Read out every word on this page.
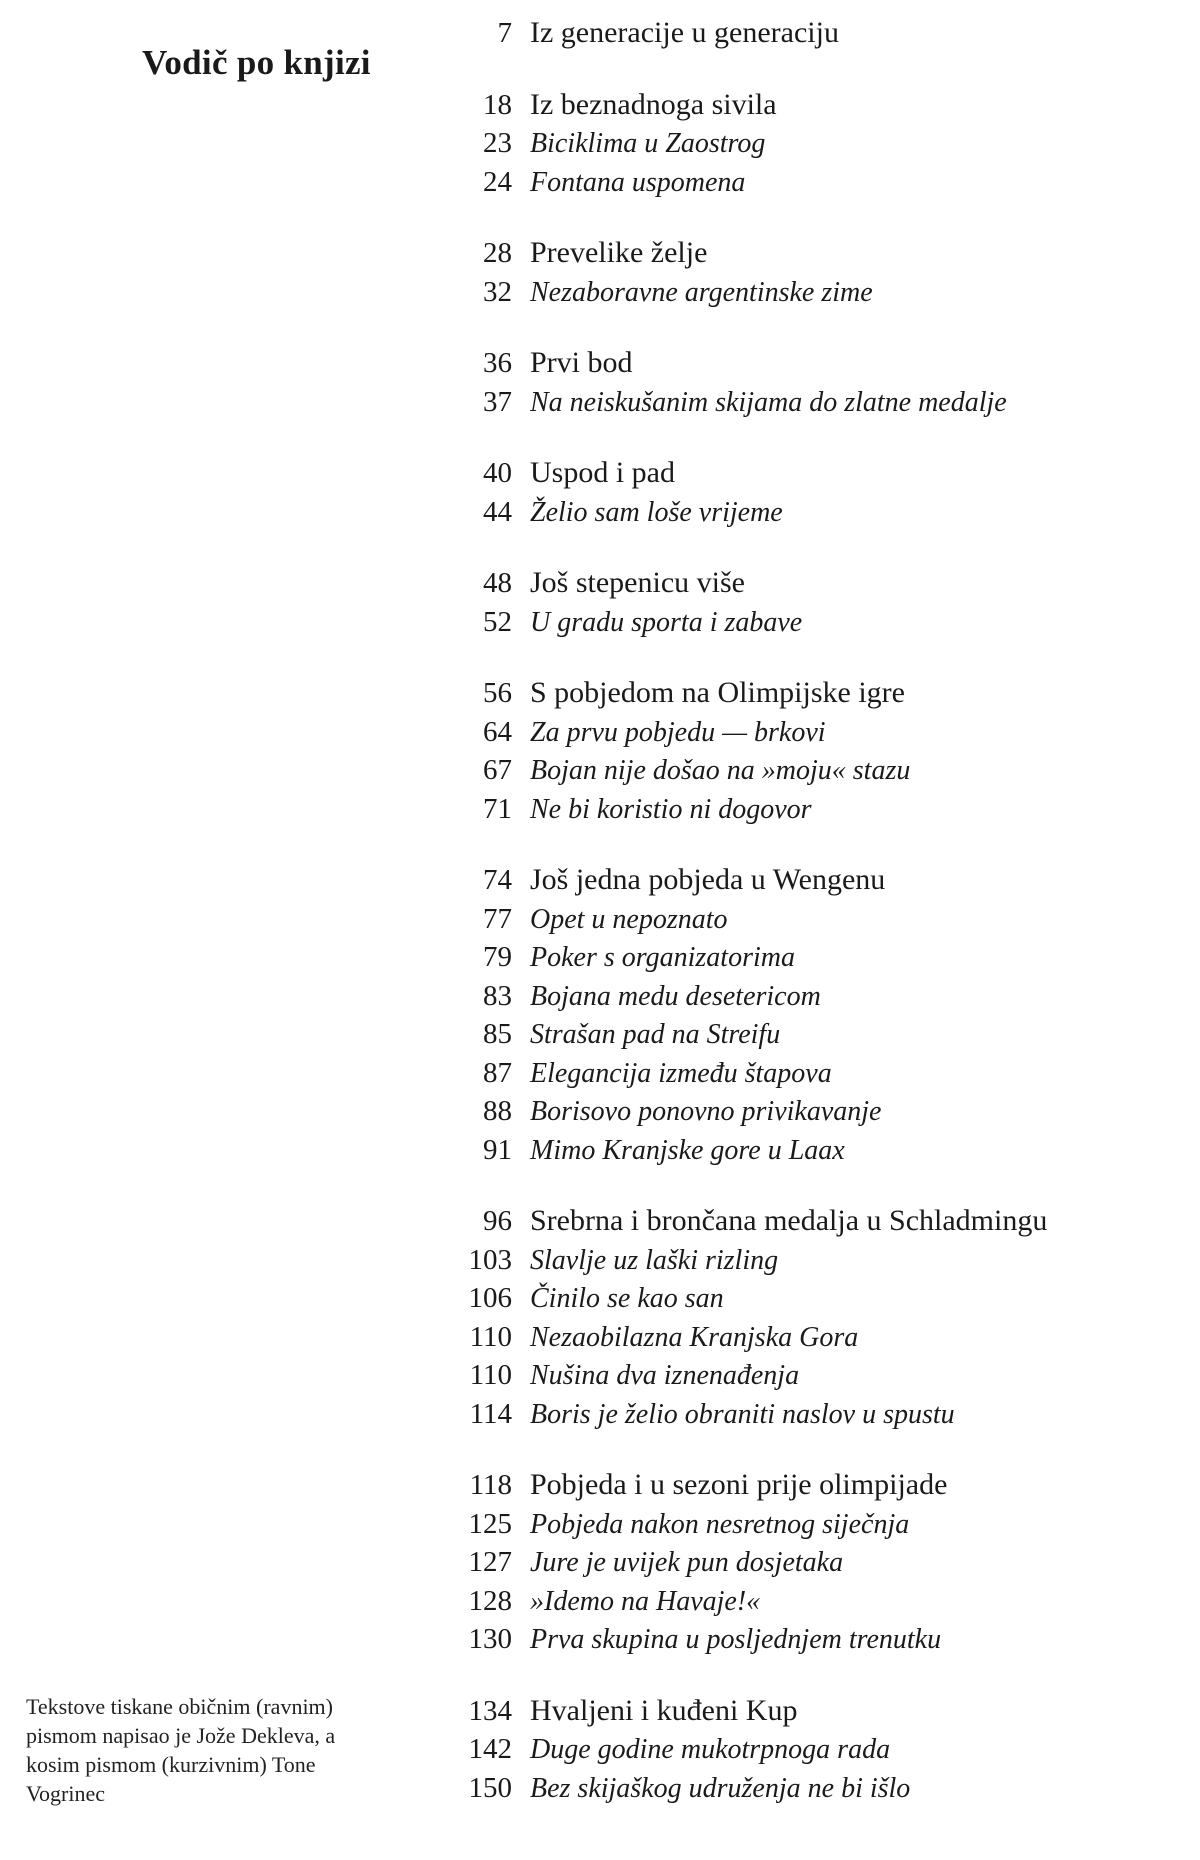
Vodič po knjizi
7 Iz generacije u generaciju
18 Iz beznadnoga sivila
23 Biciklima u Zaostrog
24 Fontana uspomena
28 Prevelike želje
32 Nezaboravne argentinske zime
36 Prvi bod
37 Na neiskušanim skijama do zlatne medalje
40 Uspod i pad
44 Želio sam loše vrijeme
48 Još stepenicu više
52 U gradu sporta i zabave
56 S pobjedom na Olimpijske igre
64 Za prvu pobjedu — brkovi
67 Bojan nije došao na »moju« stazu
71 Ne bi koristio ni dogovor
74 Još jedna pobjeda u Wengenu
77 Opet u nepoznato
79 Poker s organizatorima
83 Bojana medu desetericom
85 Strašan pad na Streifu
87 Elegancija između štapova
88 Borisovo ponovno privikavanje
91 Mimo Kranjske gore u Laax
96 Srebrna i brončana medalja u Schladmingu
103 Slavlje uz laški rizling
106 Činilo se kao san
110 Nezaobilazna Kranjska Gora
110 Nušina dva iznenađenja
114 Boris je želio obraniti naslov u spustu
118 Pobjeda i u sezoni prije olimpijade
125 Pobjeda nakon nesretnog siječnja
127 Jure je uvijek pun dosjetaka
128 »Idemo na Havaje!«
130 Prva skupina u posljednjem trenutku
134 Hvaljeni i kuđeni Kup
142 Duge godine mukotrpnoga rada
150 Bez skijaškog udruženja ne bi išlo
Tekstove tiskane običnim (ravnim)
pismom napisao je Jože Dekleva, a
kosim pismom (kurzivnim) Tone
Vogrinec
